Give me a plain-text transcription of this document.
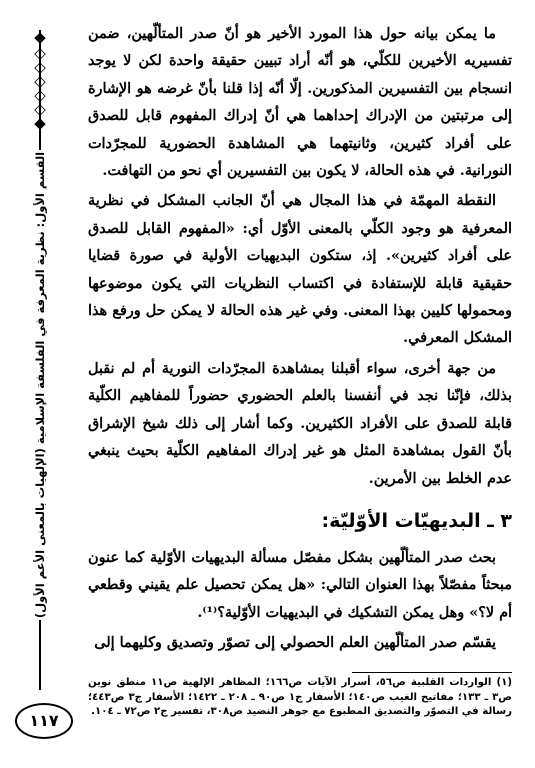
◆
◇
◇
◇
◇
◇
◆
القسم الأول: نظرية المعرفة في الفلسفة الإسلامية (الإلهيات بالمعنى الأعم الأول)
١١٧

ما يمكن بيانه حول هذا المورد الأخير هو أنّ صدر المتألّهين، ضمن تفسيريه الأخيرين للكلّي، هو أنّه أراد تبيين حقيقة واحدة لكن لا يوجد انسجام بين التفسيرين المذكورين. إلّا أنّه إذا قلنا بأنّ غرضه هو الإشارة إلى مرتبتين من الإدراك إحداهما هي أنّ إدراك المفهوم قابل للصدق على أفراد كثيرين، وثانيتهما هي المشاهدة الحضورية للمجرّدات النورانية. في هذه الحالة، لا يكون بين التفسيرين أي نحو من التهافت.

النقطة المهمّة في هذا المجال هي أنّ الجانب المشكل في نظرية المعرفية هو وجود الكلّي بالمعنى الأوّل أي: «المفهوم القابل للصدق على أفراد كثيرين». إذ، ستكون البديهيات الأولية في صورة قضايا حقيقية قابلة للإستفادة في اكتساب النظريات التي يكون موضوعها ومحمولها كليين بهذا المعنى. وفي غير هذه الحالة لا يمكن حل ورفع هذا المشكل المعرفي.

من جهة أخرى، سواء أقبلنا بمشاهدة المجرّدات النورية أم لم نقبل بذلك، فإنّنا نجد في أنفسنا بالعلم الحضوري حضوراً للمفاهيم الكلّية قابلة للصدق على الأفراد الكثيرين. وكما أشار إلى ذلك شيخ الإشراق بأنّ القول بمشاهدة المثل هو غير إدراك المفاهيم الكلّية بحيث ينبغي عدم الخلط بين الأمرين.

٣ ـ البديهيّات الأوّليّة:

بحث صدر المتألّهين بشكل مفصّل مسألة البديهيات الأوّلية كما عنون مبحثاً مفصّلاً بهذا العنوان التالي: «هل يمكن تحصيل علم يقيني وقطعي أم لا؟» وهل يمكن التشكيك في البديهيات الأوّلية؟⁽¹⁾.

يقسّم صدر المتألّهين العلم الحصولي إلى تصوّر وتصديق وكليهما إلى

(١) الواردات القلبية ص٥٦، أسرار الآيات ص١٦٦؛ المظاهر الإلهية ص١١ منطق نوين ص٣ ـ ١٣٣؛ مفاتيح الغيب ص١٤٠؛ الأسفار ج١ ص٩٠ ـ ٢٠٨ ـ ١٤٢٢؛ الأسفار ج٣ ص٤٤٣؛ رسالة في التصوّر والتصديق المطبوع مع جوهر النضيد ص٣٠٨، تفسير ج٢ ص٧٢ ـ ١٠٤.
